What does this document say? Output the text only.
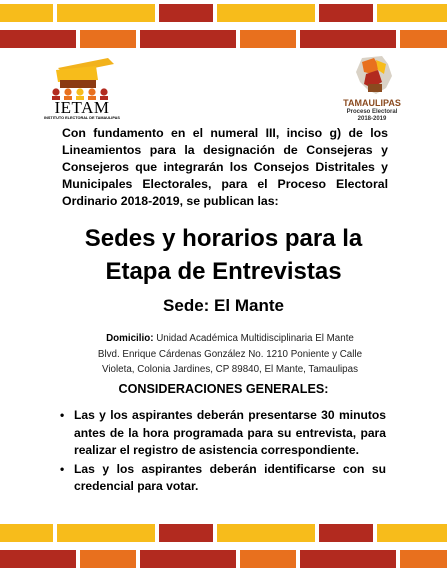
IETAM
INSTITUTO ELECTORAL DE TAMAULIPAS
TAMAULIPAS
Proceso Electoral
2018-2019
Con fundamento en el numeral III, inciso g) de los Lineamientos para la designación de Consejeras y Consejeros que integrarán los Consejos Distritales y Municipales Electorales, para el Proceso Electoral Ordinario 2018-2019, se publican las:
Sedes y horarios para la
Etapa de Entrevistas
Sede: El Mante
Domicilio: Unidad Académica Multidisciplinaria El Mante
Blvd. Enrique Cárdenas González No. 1210 Poniente y Calle
Violeta, Colonia Jardines, CP 89840, El Mante, Tamaulipas
CONSIDERACIONES GENERALES:
• Las y los aspirantes deberán presentarse 30 minutos antes de la hora programada para su entrevista, para realizar el registro de asistencia correspondiente.
• Las y los aspirantes deberán identificarse con su credencial para votar.
